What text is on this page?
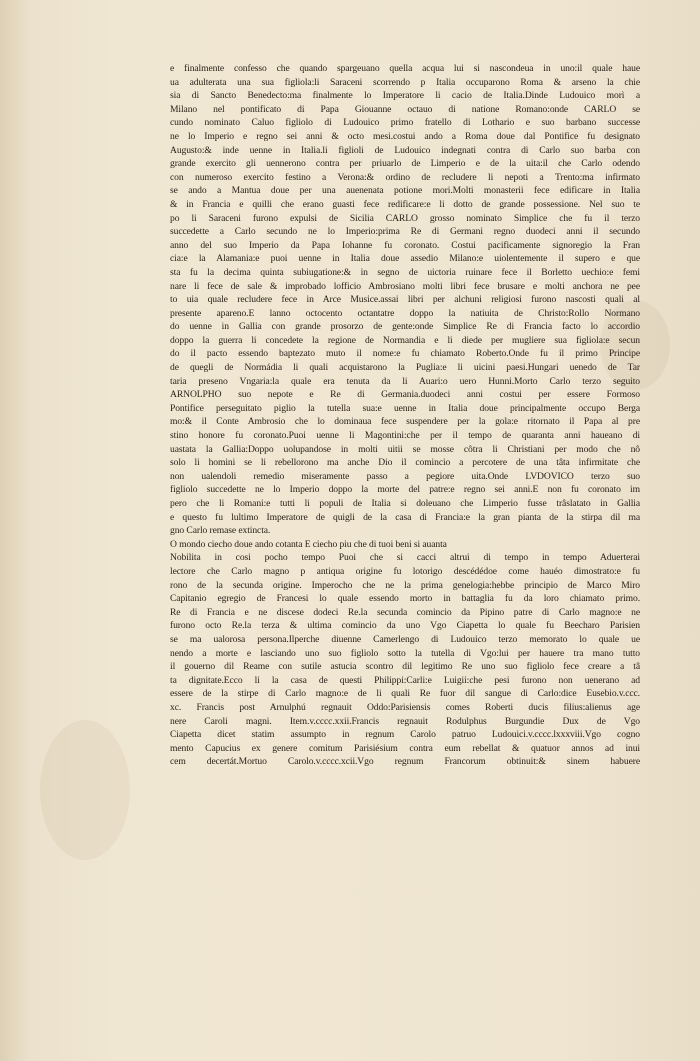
e finalmente confesso che quando spargeuano quella acqua lui si nascondeua in uno:il quale haue
ua adulterata una sua figliola:li Saraceni scorrendo p Italia occuparono Roma & arseno la chie
sia di Sancto Benedecto:ma finalmente lo Imperatore li cacio de Italia.Dinde Ludouico morì a
Milano nel pontificato di Papa Giouanne octauo di natione Romano:onde CARLO se
cundo nominato Caluo figliolo di Ludouico primo fratello di Lothario e suo barbano successe
ne lo Imperio e regno sei anni & octo mesi.costui ando a Roma doue dal Pontifice fu designato
Augusto:& inde uenne in Italia.li figlioli de Ludouico indegnati contra di Carlo suo barba con
grande exercito gli uennerono contra per priuarlo de Limperio e de la uita:il che Carlo odendo
con numeroso exercito festino a Verona:& ordino de recludere li nepoti a Trento:ma infirmato
se ando a Mantua doue per una auenenata potione mori.Molti monasterii fece edificare in Italia
& in Francia e quilli che erano guasti fece redificare:e li dotto de grande possessione. Nel suo te
po li Saraceni furono expulsi de Sicilia CARLO grosso nominato Simplice che fu il terzo
succedette a Carlo secundo ne lo Imperio:prima Re di Germani regno duodeci anni il secundo
anno del suo Imperio da Papa Iohanne fu coronato. Costui pacificamente signoregio la Fran
cia:e la Alamania:e puoi uenne in Italia doue assedio Milano:e uiolentemente il supero e que
sta fu la decima quinta subiugatione:& in segno de uictoria ruinare fece il Borletto uechio:e femi
nare li fece de sale & improbado lofficio Ambrosiano molti libri fece brusare e molti anchora ne pee
to uia quale recludere fece in Arce Musice.assai libri per alchuni religiosi furono nascosti quali al
presente apareno.E lanno octocento octantatre doppo la natiuita de Christo:Rollo Normano
do uenne in Gallia con grande prosorzo de gente:onde Simplice Re di Francia facto lo accordio
doppo la guerra li concedete la regione de Normandia e li diede per mugliere sua figliola:e secun
do il pacto essendo baptezato muto il nome:e fu chiamato Roberto.Onde fu il primo Principe
de quegli de Normádia li quali acquistarono la Puglia:e li uicini paesi.Hungari uenedo de Tar
taria preseno Vngaria:la quale era tenuta da li Auari:o uero Hunni.Morto Carlo terzo seguito
ARNOLPHO suo nepote e Re di Germania.duodeci anni costui per essere Formoso
Pontifice perseguitato piglio la tutella sua:e uenne in Italia doue principalmente occupo Berga
mo:& il Conte Ambrosio che lo dominaua fece suspendere per la gola:e ritornato il Papa al pre
stino honore fu coronato.Puoi uenne li Magontini:che per il tempo de quaranta anni haueano di
uastata la Gallia:Doppo uolupandose in molti uitii se mosse côtra li Christiani per modo che nô
solo li homini se li rebellorono ma anche Dio il comincio a percotere de una tâta infirmitate che
non ualendoli remedio miseramente passo a pegiore uita.Onde LVDOVICO terzo suo
figliolo succedette ne lo Imperio doppo la morte del patre:e regno sei anni.E non fu coronato im
pero che li Romani:e tutti li populi de Italia si doleuano che Limperio fusse trâslatato in Gallia
e questo fu lultimo Imperatore de quigli de la casa di Francia:e la gran pianta de la stirpa dil ma
gno Carlo remase extincta.
O mondo ciecho doue ando cotanta E ciecho piu che di tuoi beni si auanta
Nobilita in cosi pocho tempo Puoi che si cacci altrui di tempo in tempo Aduerterai
lectore che Carlo magno p antiqua origine fu lotorigo descédédoe come hauéo dimostrato:e fu
rono de la secunda origine. Imperocho che ne la prima genelogia:hebbe principio de Marco Miro
Capitanio egregio de Francesi lo quale essendo morto in battaglia fu da loro chiamato primo.
Re di Francia e ne discese dodeci Re.la secunda comincio da Pipino patre di Carlo magno:e ne
furono octo Re.la terza & ultima comincio da uno Vgo Ciapetta lo quale fu Beecharo Parisien
se ma ualorosa persona.Ilperche diuenne Camerlengo di Ludouico terzo memorato lo quale ue
nendo a morte e lasciando uno suo figliolo sotto la tutella di Vgo:lui per hauere tra mano tutto
il gouerno dil Reame con sutile astucia scontro dil legitimo Re uno suo figliolo fece creare a tâ
ta dignitate.Ecco li la casa de questi Philippi:Carli:e Luigii:che pesi furono non uenerano ad
essere de la stirpe di Carlo magno:e de li quali Re fuor dil sangue di Carlo:dice Eusebio.v.ccc.
xc. Francis post Arnulphú regnauit Oddo:Parisiensis comes Roberti ducis filius:alienus age
nere Caroli magni. Item.v.cccc.xxii.Francis regnauit Rodulphus Burgundie Dux de Vgo
Ciapetta dicet statim assumpto in regnum Carolo patruo Ludouici.v.cccc.lxxxviii.Vgo cogno
mento Capucius ex genere comitum Parisiésium contra eum rebellat & quatuor annos ad inui
cem decertát.Mortuo Carolo.v.cccc.xcii.Vgo regnum Francorum obtinuit:& sinem habuere
